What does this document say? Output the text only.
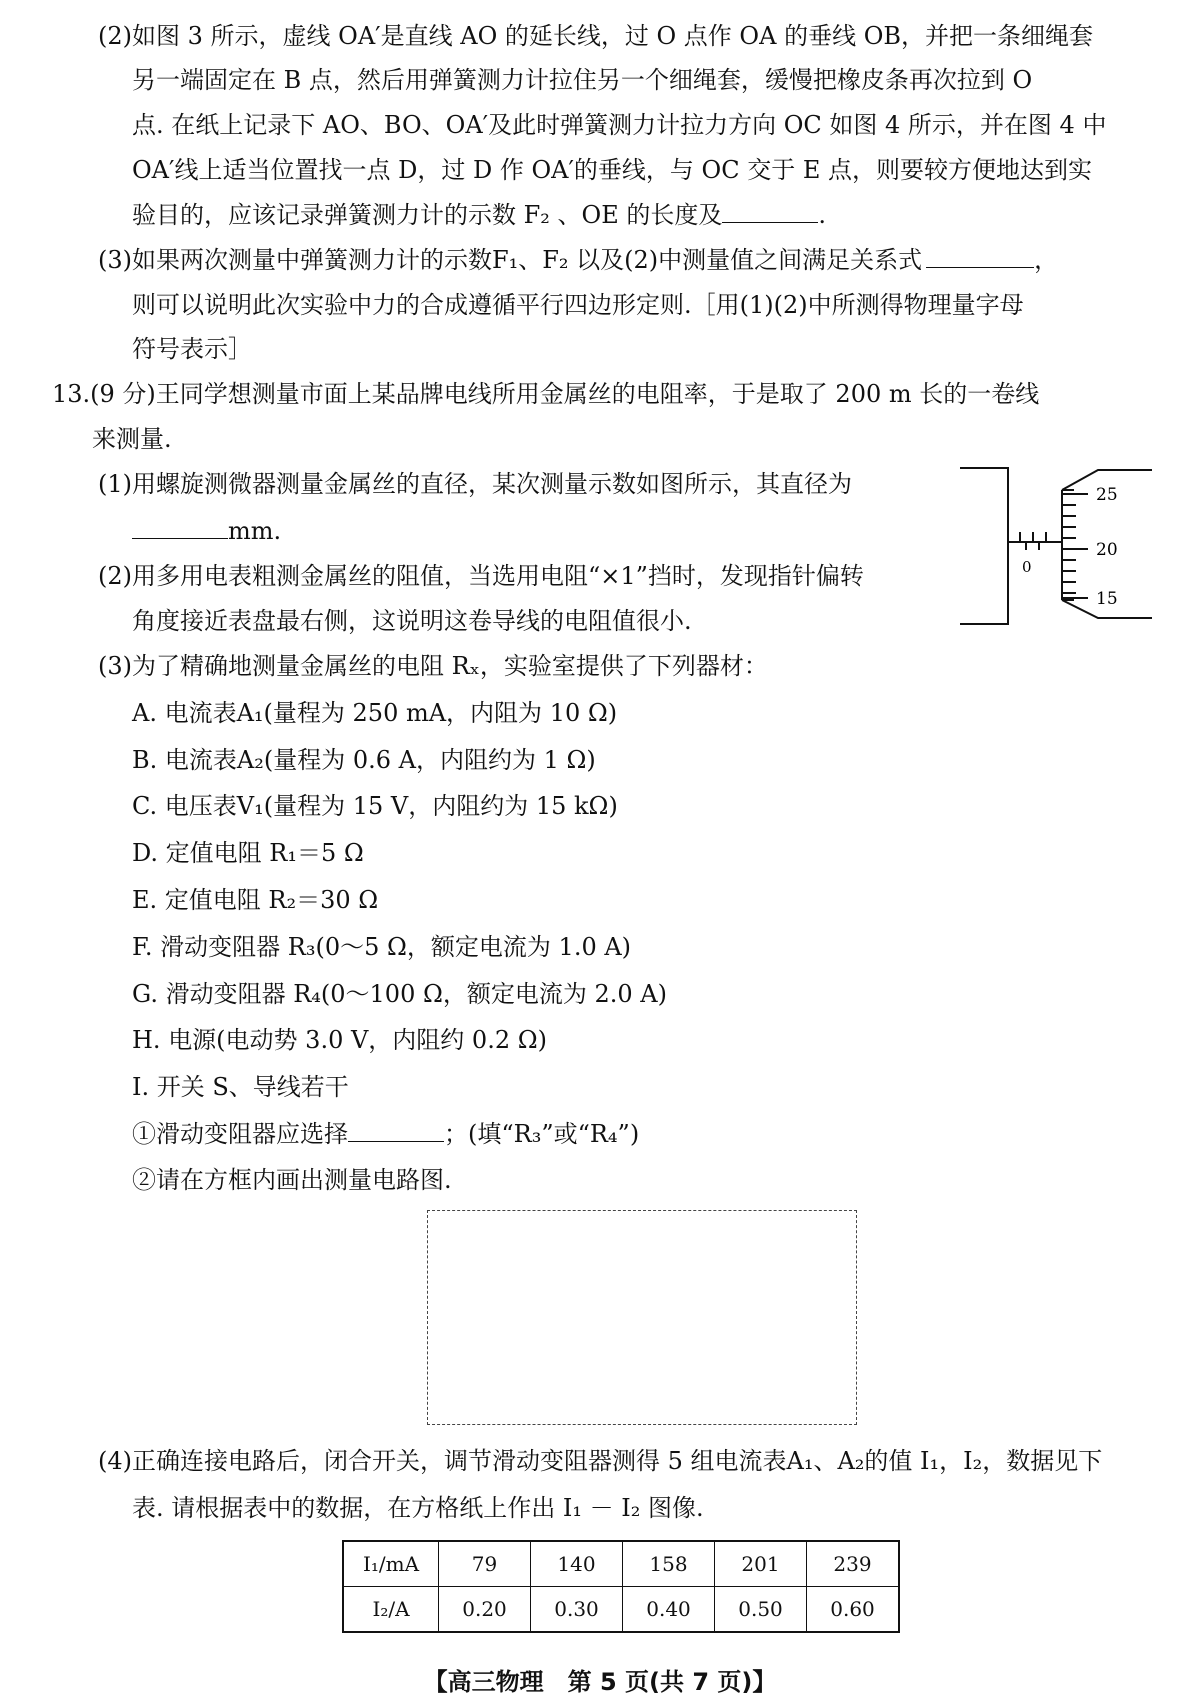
(2)如图 3 所示，虚线 OA′是直线 AO 的延长线，过 O 点作 OA 的垂线 OB，并把一条细绳套
另一端固定在 B 点，然后用弹簧测力计拉住另一个细绳套，缓慢把橡皮条再次拉到 O
点. 在纸上记录下 AO、BO、OA′及此时弹簧测力计拉力方向 OC 如图 4 所示，并在图 4 中
OA′线上适当位置找一点 D，过 D 作 OA′的垂线，与 OC 交于 E 点，则要较方便地达到实
验目的，应该记录弹簧测力计的示数 F₂ 、OE 的长度及	.
(3)如果两次测量中弹簧测力计的示数F₁、F₂ 以及(2)中测量值之间满足关系式	，
则可以说明此次实验中力的合成遵循平行四边形定则.［用(1)(2)中所测得物理量字母
符号表示］
13.(9 分)王同学想测量市面上某品牌电线所用金属丝的电阻率，于是取了 200 m 长的一卷线
来测量.
(1)用螺旋测微器测量金属丝的直径，某次测量示数如图所示，其直径为
mm.
25
20
15
0
(2)用多用电表粗测金属丝的阻值，当选用电阻“×1”挡时，发现指针偏转
角度接近表盘最右侧，这说明这卷导线的电阻值很小.
(3)为了精确地测量金属丝的电阻 Rₓ，实验室提供了下列器材：
A. 电流表A₁(量程为 250 mA，内阻为 10 Ω)
B. 电流表A₂(量程为 0.6 A，内阻约为 1 Ω)
C. 电压表V₁(量程为 15 V，内阻约为 15 kΩ)
D. 定值电阻 R₁＝5 Ω
E. 定值电阻 R₂＝30 Ω
F. 滑动变阻器 R₃(0～5 Ω，额定电流为 1.0 A)
G. 滑动变阻器 R₄(0～100 Ω，额定电流为 2.0 A)
H. 电源(电动势 3.0 V，内阻约 0.2 Ω)
I. 开关 S、导线若干
①滑动变阻器应选择	；(填“R₃”或“R₄”)
②请在方框内画出测量电路图.
(4)正确连接电路后，闭合开关，调节滑动变阻器测得 5 组电流表A₁、A₂的值 I₁，I₂，数据见下
表. 请根据表中的数据，在方格纸上作出 I₁ － I₂ 图像.
I₁/mA	79	140	158	201	239
I₂/A	0.20	0.30	0.40	0.50	0.60
【高三物理　第 5 页(共 7 页)】
